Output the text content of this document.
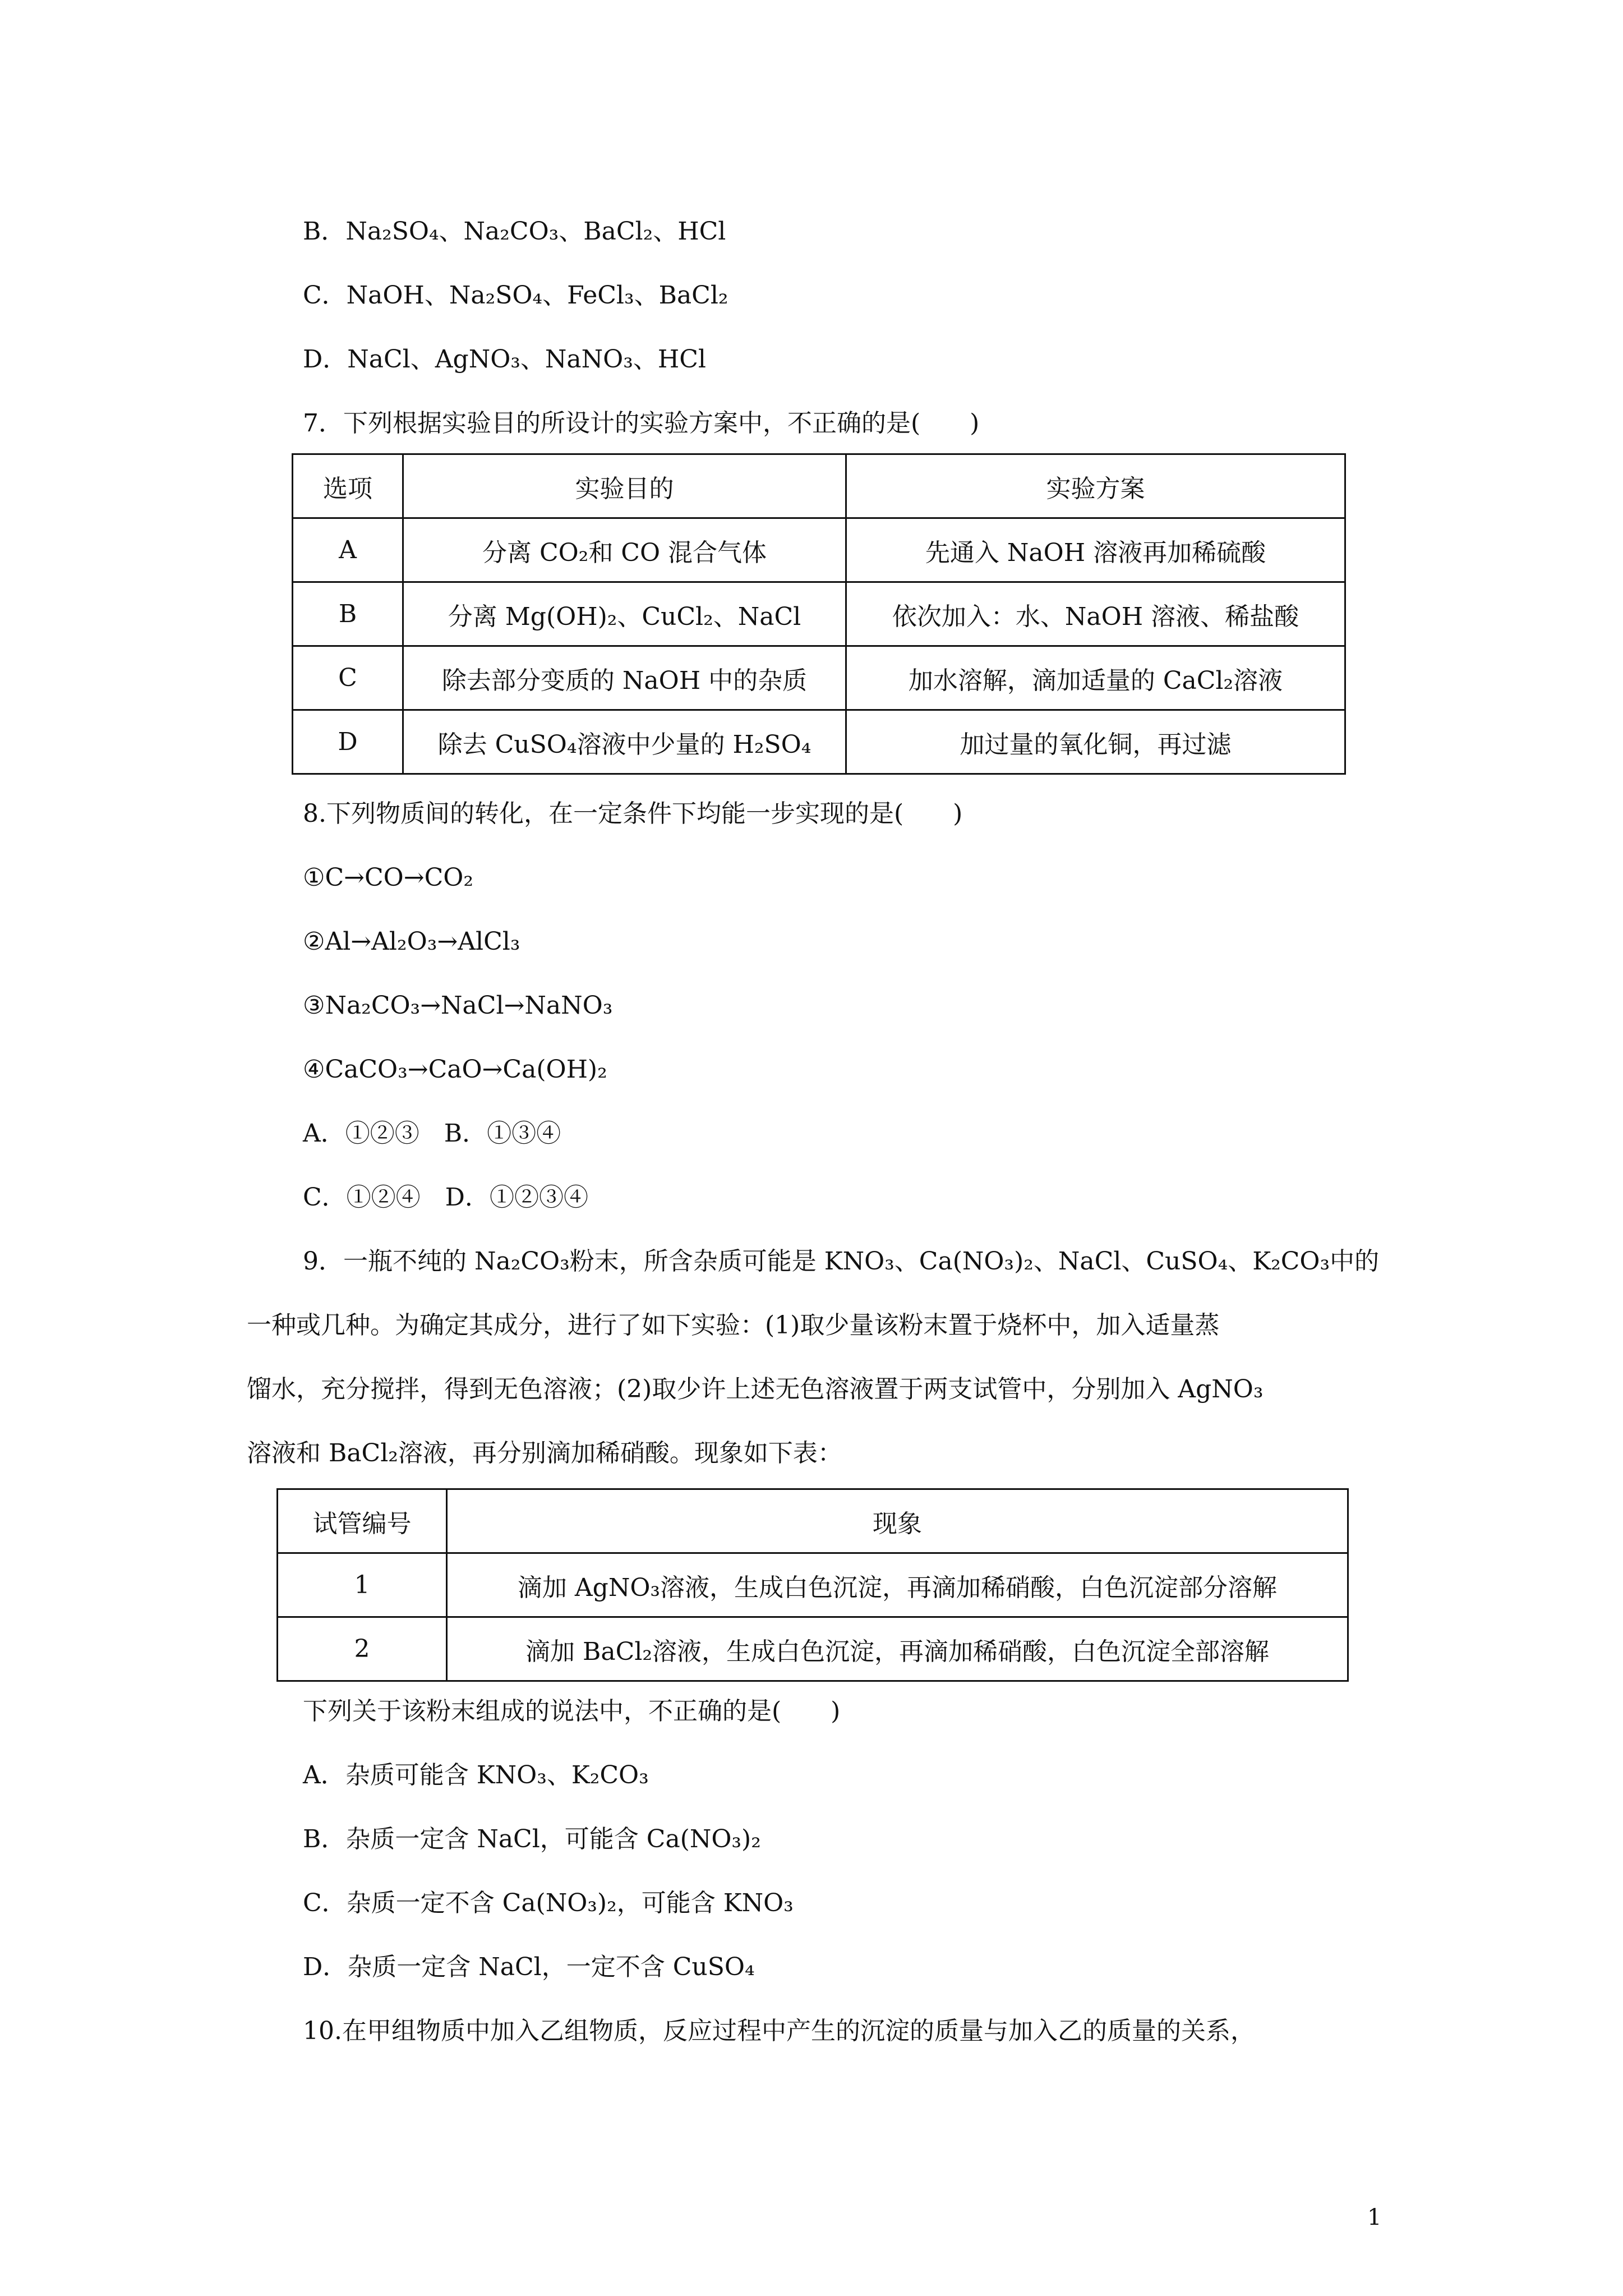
B．Na₂SO₄、Na₂CO₃、BaCl₂、HCl
C．NaOH、Na₂SO₄、FeCl₃、BaCl₂
D．NaCl、AgNO₃、NaNO₃、HCl
7．下列根据实验目的所设计的实验方案中，不正确的是(　　)
选项	实验目的	实验方案
A	分离 CO₂和 CO 混合气体	先通入 NaOH 溶液再加稀硫酸
B	分离 Mg(OH)₂、CuCl₂、NaCl	依次加入：水、NaOH 溶液、稀盐酸
C	除去部分变质的 NaOH 中的杂质	加水溶解，滴加适量的 CaCl₂溶液
D	除去 CuSO₄溶液中少量的 H₂SO₄	加过量的氧化铜，再过滤
8.下列物质间的转化，在一定条件下均能一步实现的是(　　)
①C→CO→CO₂
②Al→Al₂O₃→AlCl₃
③Na₂CO₃→NaCl→NaNO₃
④CaCO₃→CaO→Ca(OH)₂
A．①②③　B．①③④
C．①②④　D．①②③④
9．一瓶不纯的 Na₂CO₃粉末，所含杂质可能是 KNO₃、Ca(NO₃)₂、NaCl、CuSO₄、K₂CO₃中的
一种或几种。为确定其成分，进行了如下实验：(1)取少量该粉末置于烧杯中，加入适量蒸
馏水，充分搅拌，得到无色溶液；(2)取少许上述无色溶液置于两支试管中，分别加入 AgNO₃
溶液和 BaCl₂溶液，再分别滴加稀硝酸。现象如下表：
试管编号	现象
1	滴加 AgNO₃溶液，生成白色沉淀，再滴加稀硝酸，白色沉淀部分溶解
2	滴加 BaCl₂溶液，生成白色沉淀，再滴加稀硝酸，白色沉淀全部溶解
下列关于该粉末组成的说法中，不正确的是(　　)
A．杂质可能含 KNO₃、K₂CO₃
B．杂质一定含 NaCl，可能含 Ca(NO₃)₂
C．杂质一定不含 Ca(NO₃)₂，可能含 KNO₃
D．杂质一定含 NaCl，一定不含 CuSO₄
10.在甲组物质中加入乙组物质，反应过程中产生的沉淀的质量与加入乙的质量的关系，
1
